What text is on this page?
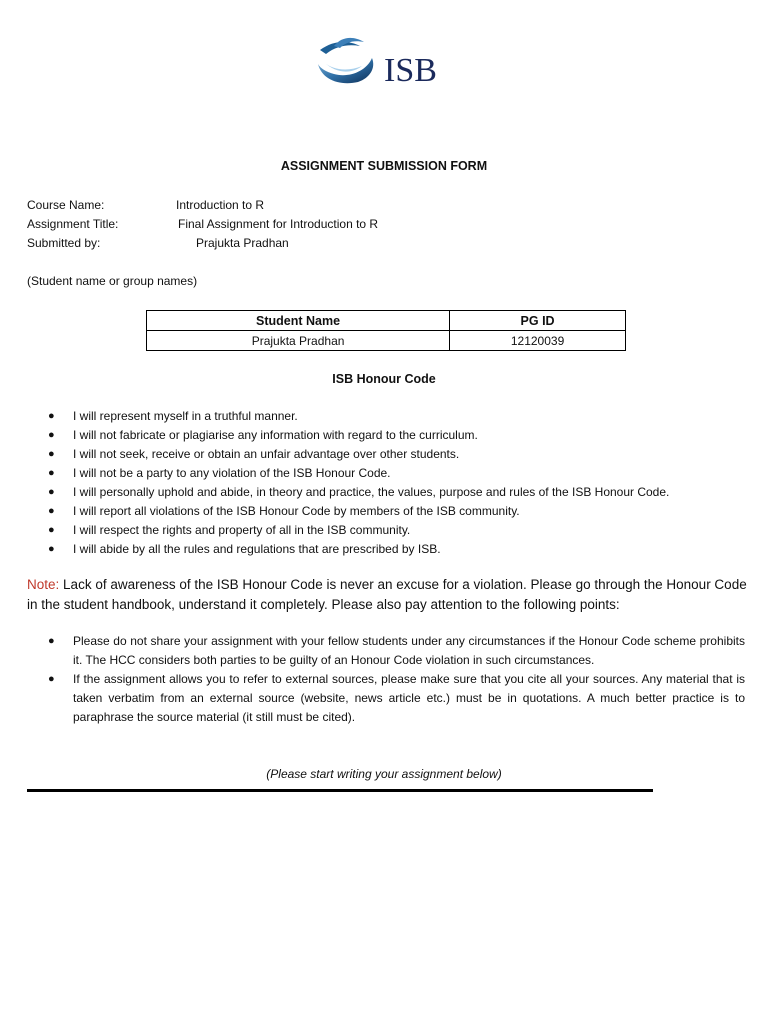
ISB
ASSIGNMENT SUBMISSION FORM
Course Name:	Introduction to R
Assignment Title:	Final Assignment for Introduction to R
Submitted by:	Prajukta Pradhan
(Student name or group names)
Student Name	PG ID
Prajukta Pradhan	12120039
ISB Honour Code
● I will represent myself in a truthful manner.
● I will not fabricate or plagiarise any information with regard to the curriculum.
● I will not seek, receive or obtain an unfair advantage over other students.
● I will not be a party to any violation of the ISB Honour Code.
● I will personally uphold and abide, in theory and practice, the values, purpose and rules of the ISB Honour Code.
● I will report all violations of the ISB Honour Code by members of the ISB community.
● I will respect the rights and property of all in the ISB community.
● I will abide by all the rules and regulations that are prescribed by ISB.
Note: Lack of awareness of the ISB Honour Code is never an excuse for a violation. Please go through the Honour Code in the student handbook, understand it completely. Please also pay attention to the following points:
● Please do not share your assignment with your fellow students under any circumstances if the Honour Code scheme prohibits it. The HCC considers both parties to be guilty of an Honour Code violation in such circumstances.
● If the assignment allows you to refer to external sources, please make sure that you cite all your sources. Any material that is taken verbatim from an external source (website, news article etc.) must be in quotations. A much better practice is to paraphrase the source material (it still must be cited).
(Please start writing your assignment below)
